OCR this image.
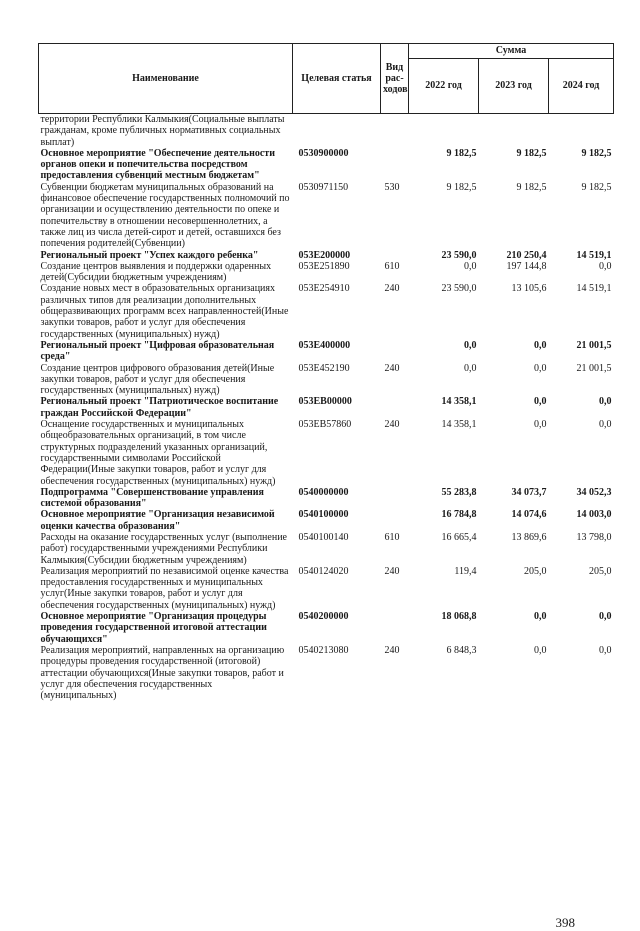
Наименование	Целевая статья	Вид рас-ходов	Сумма		
			2022 год	2023 год	2024 год
территории Республики Калмыкия(Социальные выплаты гражданам, кроме публичных нормативных социальных выплат)					
Основное мероприятие "Обеспечение деятельности органов опеки и попечительства посредством предоставления субвенций местным бюджетам"	0530900000		9 182,5	9 182,5	9 182,5
Субвенции бюджетам муниципальных образований на финансовое обеспечение государственных полномочий по организации и осуществлению деятельности по опеке и попечительству в отношении несовершеннолетних, а также лиц из числа детей-сирот и детей, оставшихся без попечения родителей(Субвенции)	0530971150	530	9 182,5	9 182,5	9 182,5
Региональный проект "Успех каждого ребенка"	053E200000		23 590,0	210 250,4	14 519,1
Создание центров выявления и поддержки одаренных детей(Субсидии бюджетным учреждениям)	053E251890	610	0,0	197 144,8	0,0
Создание новых мест в образовательных организациях различных типов для реализации дополнительных общеразвивающих программ всех направленностей(Иные закупки товаров, работ и услуг для обеспечения государственных (муниципальных) нужд)	053E254910	240	23 590,0	13 105,6	14 519,1
Региональный проект "Цифровая образовательная среда"	053E400000		0,0	0,0	21 001,5
Создание центров цифрового образования детей(Иные закупки товаров, работ и услуг для обеспечения государственных (муниципальных) нужд)	053E452190	240	0,0	0,0	21 001,5
Региональный проект "Патриотическое воспитание граждан Российской Федерации"	053EB00000		14 358,1	0,0	0,0
Оснащение государственных и муниципальных общеобразовательных организаций, в том числе структурных подразделений указанных организаций, государственными символами Российской Федерации(Иные закупки товаров, работ и услуг для обеспечения государственных (муниципальных) нужд)	053EB57860	240	14 358,1	0,0	0,0
Подпрограмма "Совершенствование управления системой образования"	0540000000		55 283,8	34 073,7	34 052,3
Основное мероприятие "Организация независимой оценки качества образования"	0540100000		16 784,8	14 074,6	14 003,0
Расходы на оказание государственных услуг (выполнение работ) государственными учреждениями Республики Калмыкия(Субсидии бюджетным учреждениям)	0540100140	610	16 665,4	13 869,6	13 798,0
Реализация мероприятий по независимой оценке качества предоставления государственных и муниципальных услуг(Иные закупки товаров, работ и услуг для обеспечения государственных (муниципальных) нужд)	0540124020	240	119,4	205,0	205,0
Основное мероприятие "Организация процедуры проведения государственной итоговой аттестации обучающихся"	0540200000		18 068,8	0,0	0,0
Реализация мероприятий, направленных на организацию процедуры проведения государственной (итоговой) аттестации обучающихся(Иные закупки товаров, работ и услуг для обеспечения государственных (муниципальных)	0540213080	240	6 848,3	0,0	0,0
398
